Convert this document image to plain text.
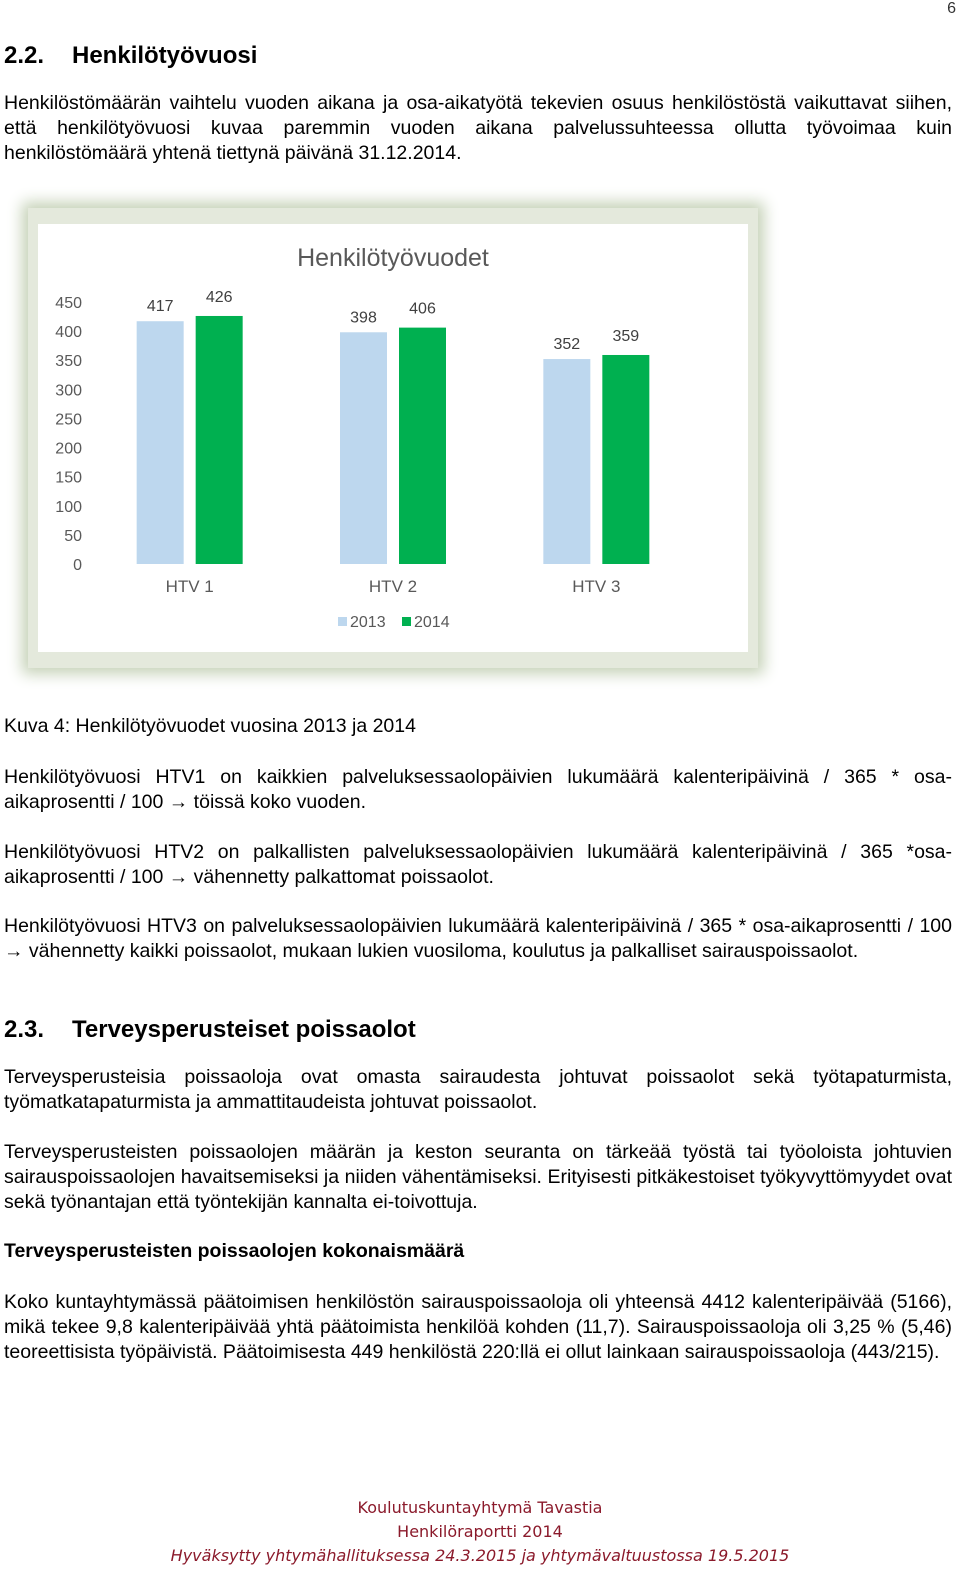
6
2.2. Henkilötyövuosi
Henkilöstömäärän vaihtelu vuoden aikana ja osa-aikatyötä tekevien osuus henkilöstöstä vaikuttavat siihen, että henkilötyövuosi kuvaa paremmin vuoden aikana palvelussuhteessa ollutta työvoimaa kuin henkilöstömäärä yhtenä tiettynä päivänä 31.12.2014.
Henkilötyövuodet
450
400
350
300
250
200
150
100
50
0
417
426
HTV 1
398
406
HTV 2
352 359
HTV 3
2013 2014
Kuva 4: Henkilötyövuodet vuosina 2013 ja 2014
Henkilötyövuosi HTV1 on kaikkien palveluksessaolopäivien lukumäärä kalenteripäivinä / 365 * osa-aikaprosentti / 100 → töissä koko vuoden.
Henkilötyövuosi HTV2 on palkallisten palveluksessaolopäivien lukumäärä kalenteripäivinä / 365 *osa-aikaprosentti / 100 → vähennetty palkattomat poissaolot.
Henkilötyövuosi HTV3 on palveluksessaolopäivien lukumäärä kalenteripäivinä / 365 * osa-aikaprosentti / 100 → vähennetty kaikki poissaolot, mukaan lukien vuosiloma, koulutus ja palkalliset sairauspoissaolot.
2.3. Terveysperusteiset poissaolot
Terveysperusteisia poissaoloja ovat omasta sairaudesta johtuvat poissaolot sekä työtapaturmista, työmatkatapaturmista ja ammattitaudeista johtuvat poissaolot.
Terveysperusteisten poissaolojen määrän ja keston seuranta on tärkeää työstä tai työoloista johtuvien sairauspoissaolojen havaitsemiseksi ja niiden vähentämiseksi. Erityisesti pitkäkestoiset työkyvyttömyydet ovat sekä työnantajan että työntekijän kannalta ei-toivottuja.
Terveysperusteisten poissaolojen kokonaismäärä
Koko kuntayhtymässä päätoimisen henkilöstön sairauspoissaoloja oli yhteensä 4412 kalenteripäivää (5166), mikä tekee 9,8 kalenteripäivää yhtä päätoimista henkilöä kohden (11,7). Sairauspoissaoloja oli 3,25 % (5,46) teoreettisista työpäivistä. Päätoimisesta 449 henkilöstä 220:llä ei ollut lainkaan sairauspoissaoloja (443/215).
Koulutuskuntayhtymä Tavastia
Henkilöraportti 2014
Hyväksytty yhtymähallituksessa 24.3.2015 ja yhtymävaltuustossa 19.5.2015
